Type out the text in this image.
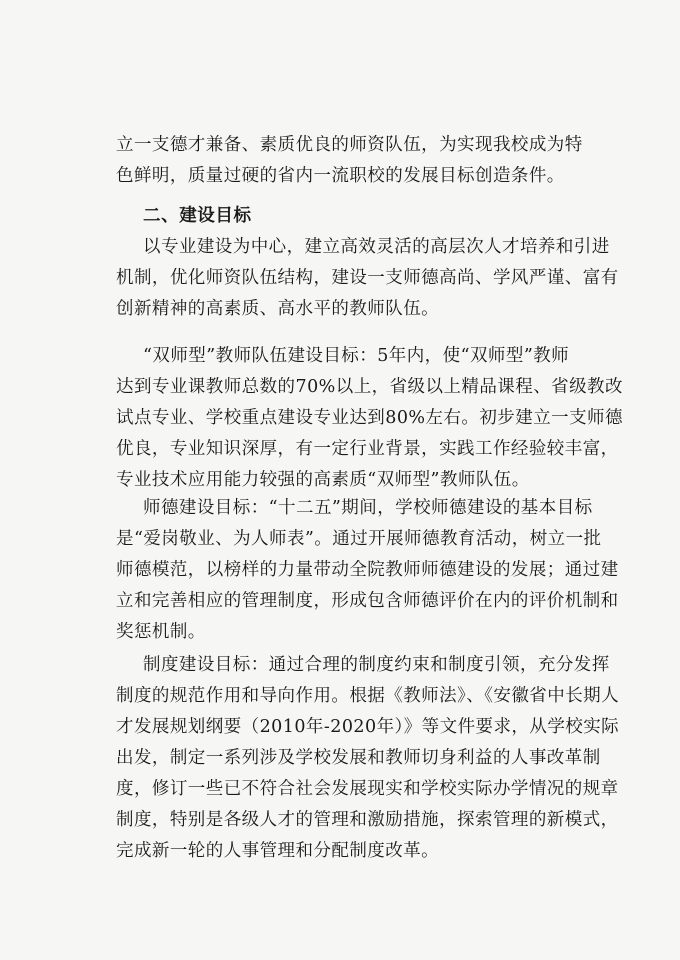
立一支德才兼备、素质优良的师资队伍，为实现我校成为特
色鲜明，质量过硬的省内一流职校的发展目标创造条件。
二、建设目标
以专业建设为中心，建立高效灵活的高层次人才培养和引进
机制，优化师资队伍结构，建设一支师德高尚、学风严谨、富有
创新精神的高素质、高水平的教师队伍。
“双师型”教师队伍建设目标：5年内，使“双师型”教师
达到专业课教师总数的70%以上，省级以上精品课程、省级教改
试点专业、学校重点建设专业达到80%左右。初步建立一支师德
优良，专业知识深厚，有一定行业背景，实践工作经验较丰富，
专业技术应用能力较强的高素质“双师型”教师队伍。
师德建设目标：“十二五”期间，学校师德建设的基本目标
是“爱岗敬业、为人师表”。通过开展师德教育活动，树立一批
师德模范，以榜样的力量带动全院教师师德建设的发展；通过建
立和完善相应的管理制度，形成包含师德评价在内的评价机制和
奖惩机制。
制度建设目标：通过合理的制度约束和制度引领，充分发挥
制度的规范作用和导向作用。根据《教师法》、《安徽省中长期人
才发展规划纲要（2010年-2020年）》等文件要求，从学校实际
出发，制定一系列涉及学校发展和教师切身利益的人事改革制
度，修订一些已不符合社会发展现实和学校实际办学情况的规章
制度，特别是各级人才的管理和激励措施，探索管理的新模式，
完成新一轮的人事管理和分配制度改革。
